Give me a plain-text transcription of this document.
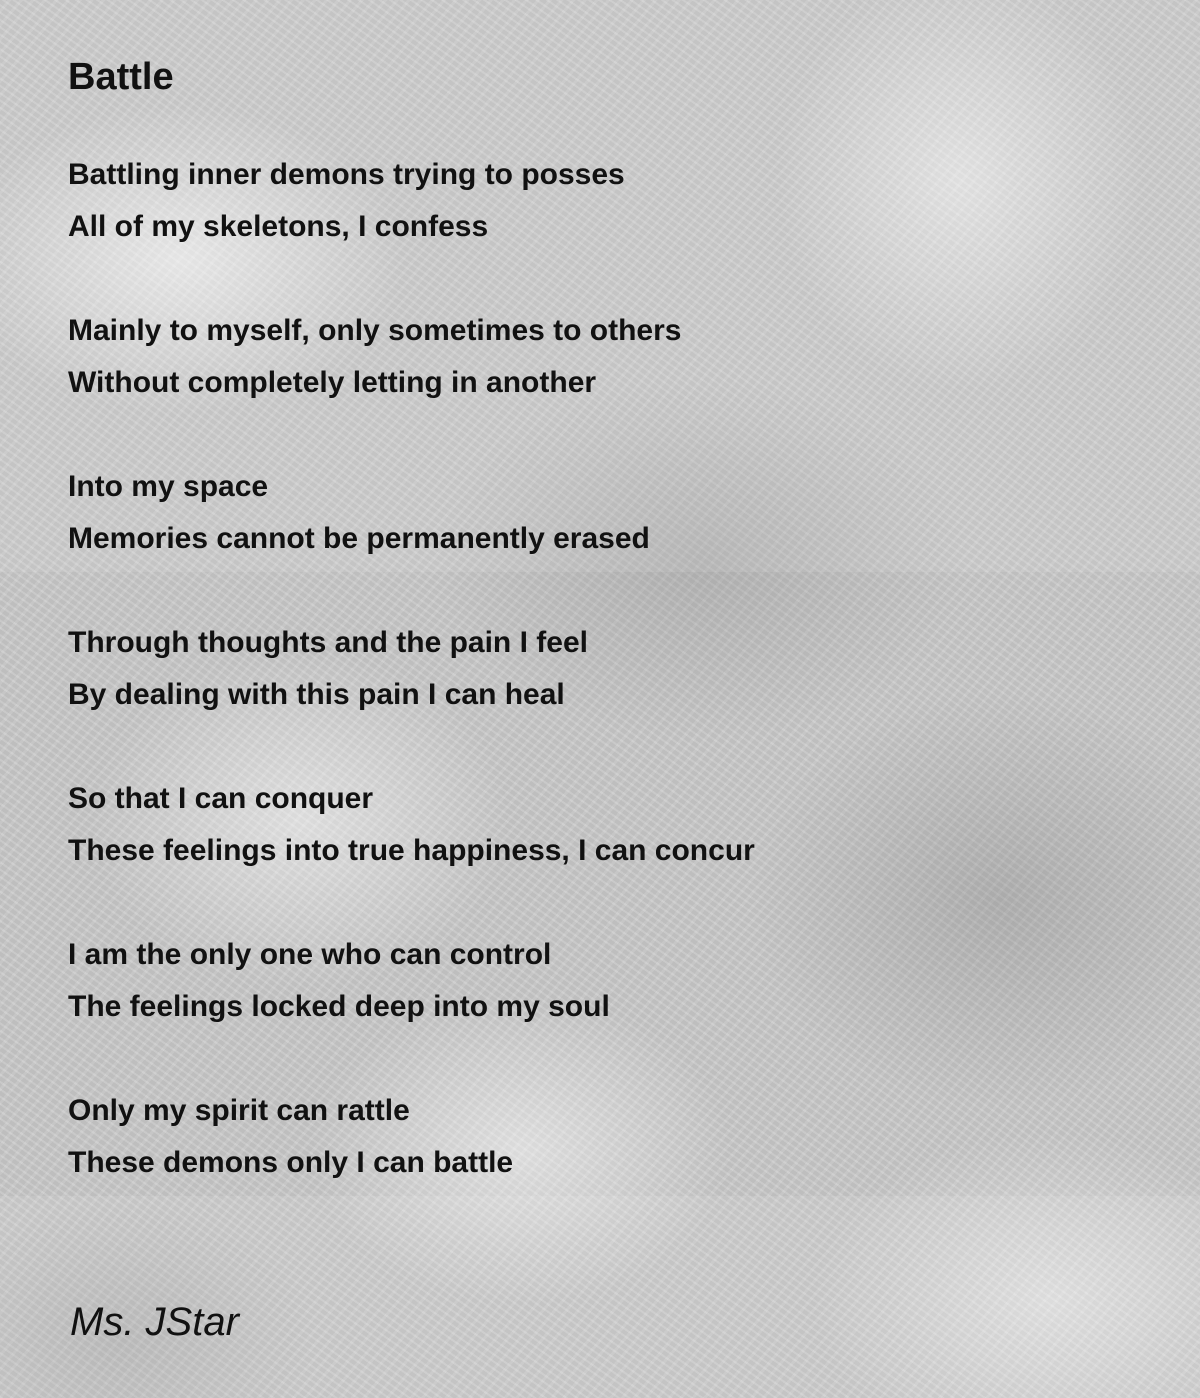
Battle
Battling inner demons trying to posses
All of my skeletons, I confess
Mainly to myself, only sometimes to others
Without completely letting in another
Into my space
Memories cannot be permanently erased
Through thoughts and the pain I feel
By dealing with this pain I can heal
So that I can conquer
These feelings into true happiness, I can concur
I am the only one who can control
The feelings locked deep into my soul
Only my spirit can rattle
These demons only I can battle
Ms. JStar
